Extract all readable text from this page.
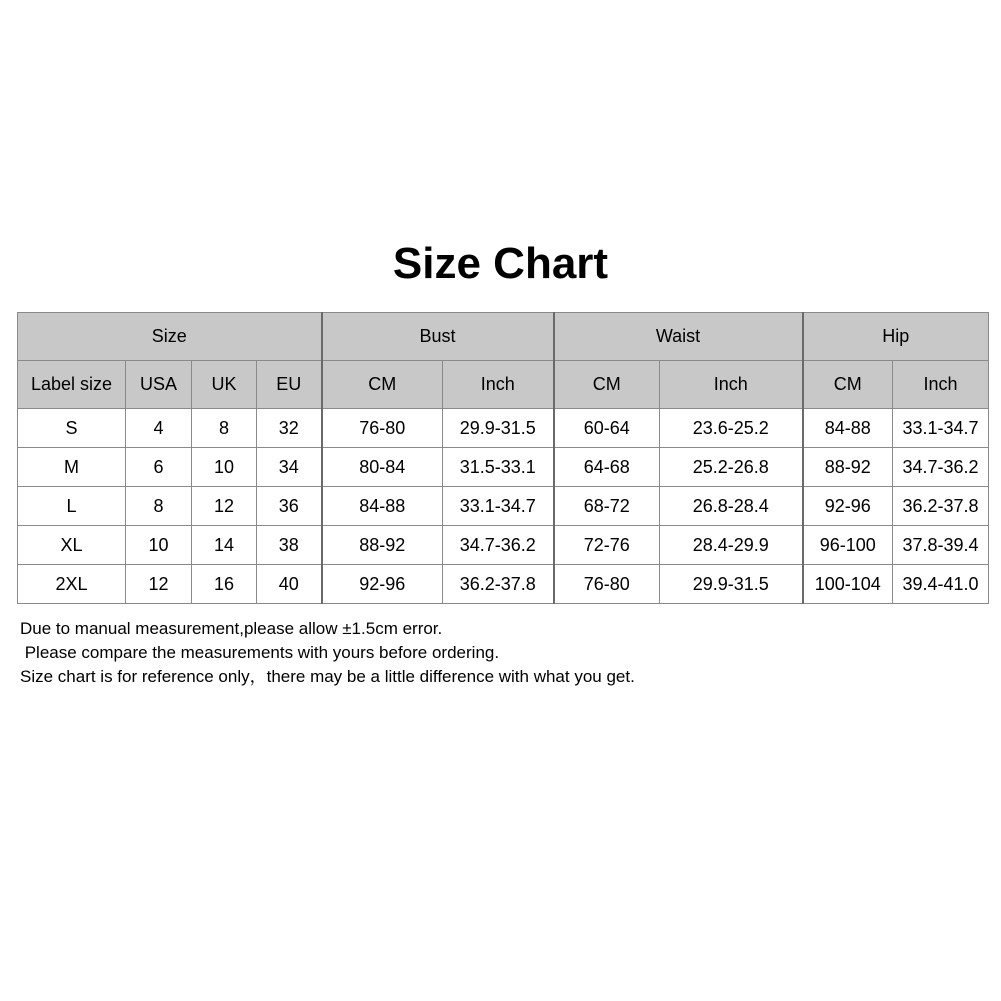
Size Chart
Size				Bust		Waist		Hip	
Label size	USA	UK	EU	CM	Inch	CM	Inch	CM	Inch
S	4	8	32	76-80	29.9-31.5	60-64	23.6-25.2	84-88	33.1-34.7
M	6	10	34	80-84	31.5-33.1	64-68	25.2-26.8	88-92	34.7-36.2
L	8	12	36	84-88	33.1-34.7	68-72	26.8-28.4	92-96	36.2-37.8
XL	10	14	38	88-92	34.7-36.2	72-76	28.4-29.9	96-100	37.8-39.4
2XL	12	16	40	92-96	36.2-37.8	76-80	29.9-31.5	100-104	39.4-41.0
Due to manual measurement,please allow ±1.5cm error.
Please compare the measurements with yours before ordering.
Size chart is for reference only，there may be a little difference with what you get.
